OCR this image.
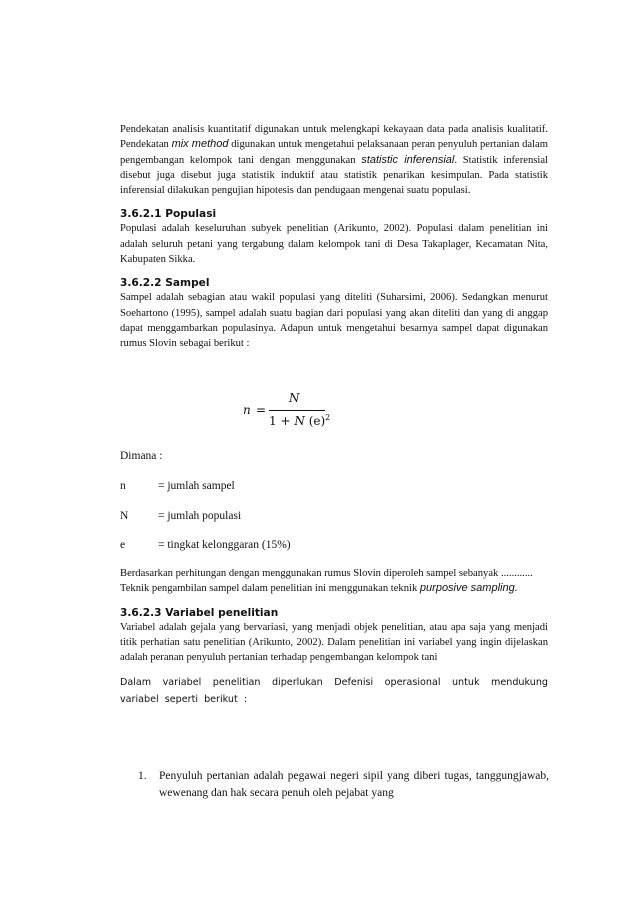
Pendekatan analisis kuantitatif digunakan untuk melengkapi kekayaan data pada analisis kualitatif. Pendekatan mix method digunakan untuk mengetahui pelaksanaan peran penyuluh pertanian dalam pengembangan kelompok tani dengan menggunakan statistic inferensial. Statistik inferensial disebut juga disebut juga statistik induktif atau statistik penarikan kesimpulan. Pada statistik inferensial dilakukan pengujian hipotesis dan pendugaan mengenai suatu populasi.

3.6.2.1 Populasi

Populasi adalah keseluruhan subyek penelitian (Arikunto, 2002). Populasi dalam penelitian ini adalah seluruh petani yang tergabung dalam kelompok tani di Desa Takaplager, Kecamatan Nita, Kabupaten Sikka.

3.6.2.2 Sampel

Sampel adalah sebagian atau wakil populasi yang diteliti (Suharsimi, 2006). Sedangkan menurut Soehartono (1995), sampel adalah suatu bagian dari populasi yang akan diteliti dan yang di anggap dapat menggambarkan populasinya. Adapun untuk mengetahui besarnya sampel dapat digunakan rumus Slovin sebagai berikut :

n =
N
1 + N $(e)^2$
Dimana :
n	= jumlah sampel
N	= jumlah populasi
e	= tingkat kelonggaran (15%)

Berdasarkan perhitungan dengan menggunakan rumus Slovin diperoleh sampel sebanyak ............

Teknik pengambilan sampel dalam penelitian ini menggunakan teknik purposive sampling.

3.6.2.3 Variabel penelitian

Variabel adalah gejala yang bervariasi, yang menjadi objek penelitian, atau apa saja yang menjadi titik perhatian satu penelitian (Arikunto, 2002). Dalam penelitian ini variabel yang ingin dijelaskan adalah peranan penyuluh pertanian terhadap pengembangan kelompok tani

Dalam variabel penelitian diperlukan Defenisi operasional untuk mendukung variabel seperti berikut :
1. Penyuluh pertanian adalah pegawai negeri sipil yang diberi tugas, tanggungjawab, wewenang dan hak secara penuh oleh pejabat yang
